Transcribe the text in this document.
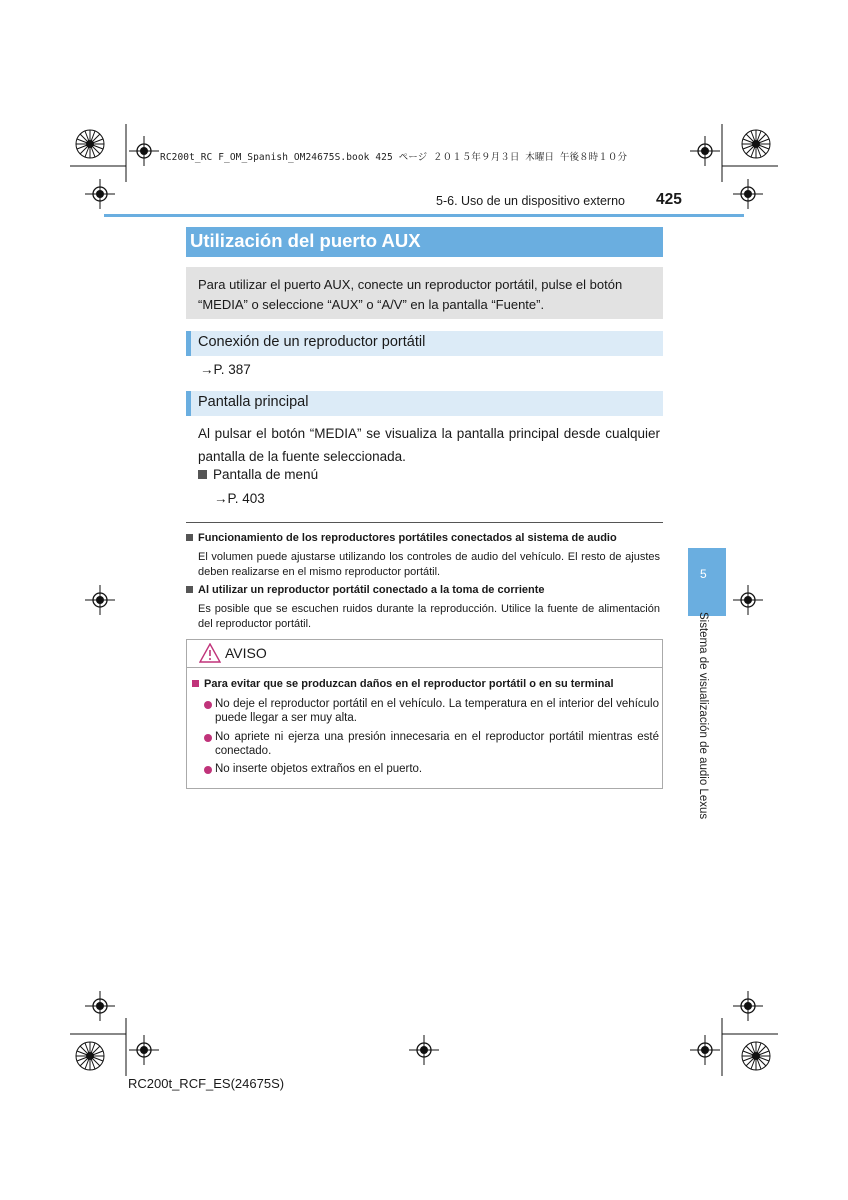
RC200t_RC F_OM_Spanish_OM24675S.book 425 ページ ２０１５年９月３日 木曜日 午後８時１０分
5-6. Uso de un dispositivo externo 425
5
Sistema de visualización de audio Lexus
Utilización del puerto AUX
Para utilizar el puerto AUX, conecte un reproductor portátil, pulse el botón “MEDIA” o seleccione “AUX” o “A/V” en la pantalla “Fuente”.
Conexión de un reproductor portátil
→P. 387
Pantalla principal
Al pulsar el botón “MEDIA” se visualiza la pantalla principal desde cualquier pantalla de la fuente seleccionada.
Pantalla de menú
→P. 403
Funcionamiento de los reproductores portátiles conectados al sistema de audio
El volumen puede ajustarse utilizando los controles de audio del vehículo. El resto de ajustes deben realizarse en el mismo reproductor portátil.
Al utilizar un reproductor portátil conectado a la toma de corriente
Es posible que se escuchen ruidos durante la reproducción. Utilice la fuente de alimentación del reproductor portátil.
AVISO
Para evitar que se produzcan daños en el reproductor portátil o en su terminal
No deje el reproductor portátil en el vehículo. La temperatura en el interior del vehículo puede llegar a ser muy alta.
No apriete ni ejerza una presión innecesaria en el reproductor portátil mientras esté conectado.
No inserte objetos extraños en el puerto.
RC200t_RCF_ES(24675S)
